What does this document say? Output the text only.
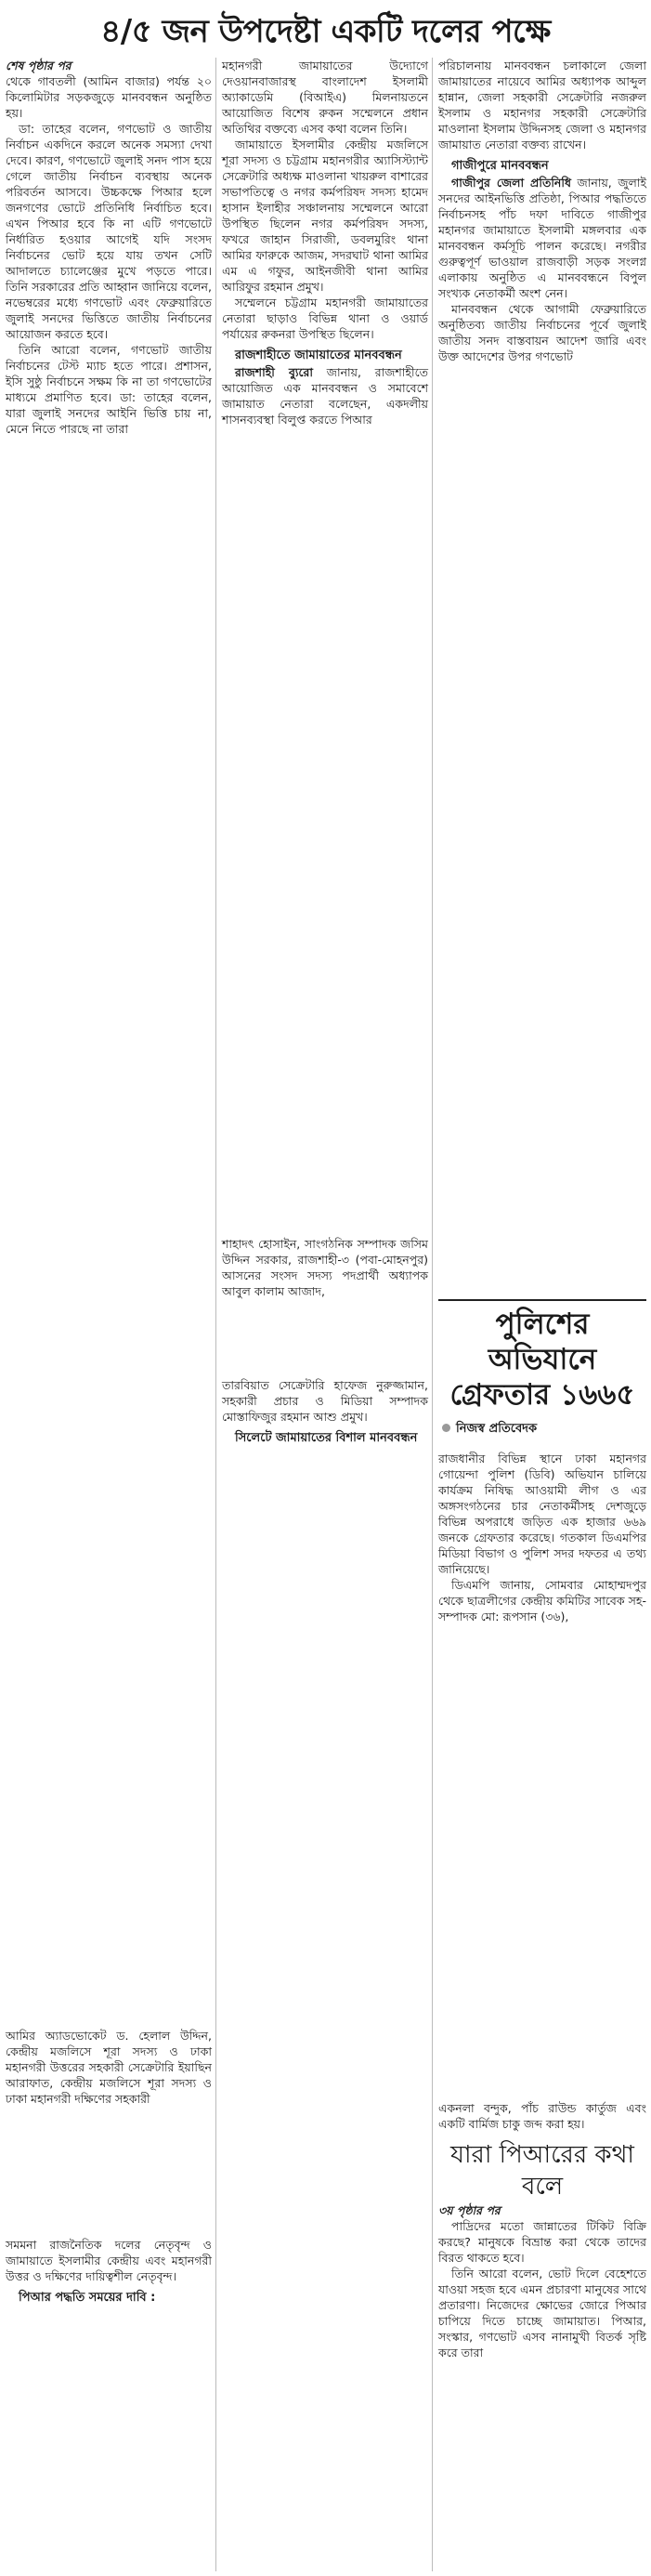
৪/৫ জন উপদেষ্টা একটি দলের পক্ষে
শেষ পৃষ্ঠার পর

থেকে গাবতলী (আমিন বাজার) পর্যন্ত ২০ কিলোমিটার সড়কজুড়ে মানববন্ধন অনুষ্ঠিত হয়।

ডা: তাহের বলেন, গণভোট ও জাতীয় নির্বাচন একদিনে করলে অনেক সমস্যা দেখা দেবে। কারণ, গণভোটে জুলাই সনদ পাস হয়ে গেলে জাতীয় নির্বাচন ব্যবস্থায় অনেক পরিবর্তন আসবে। উচ্চকক্ষে পিআর হলে জনগণের ভোটে প্রতিনিধি নির্বাচিত হবে। এখন পিআর হবে কি না এটি গণভোটে নির্ধারিত হওয়ার আগেই যদি সংসদ নির্বাচনের ভোট হয়ে যায় তখন সেটি আদালতে চ্যালেঞ্জের মুখে পড়তে পারে। তিনি সরকারের প্রতি আহ্বান জানিয়ে বলেন, নভেম্বরের মধ্যে গণভোট এবং ফেব্রুয়ারিতে জুলাই সনদের ভিত্তিতে জাতীয় নির্বাচনের আয়োজন করতে হবে।

তিনি আরো বলেন, গণভোট জাতীয় নির্বাচনের টেস্ট ম্যাচ হতে পারে। প্রশাসন, ইসি সুষ্ঠু নির্বাচনে সক্ষম কি না তা গণভোটের মাধ্যমে প্রমাণিত হবে। ডা: তাহের বলেন, যারা জুলাই সনদের আইনি ভিত্তি চায় না, মেনে নিতে পারছে না তারা

আমির অ্যাডভোকেট ড. হেলাল উদ্দিন, কেন্দ্রীয় মজলিসে শূরা সদস্য ও ঢাকা মহানগরী উত্তরের সহকারী সেক্রেটারি ইয়াছিন আরাফাত, কেন্দ্রীয় মজলিসে শূরা সদস্য ও ঢাকা মহানগরী দক্ষিণের সহকারী

সমমনা রাজনৈতিক দলের নেতৃবৃন্দ ও জামায়াতে ইসলামীর কেন্দ্রীয় এবং মহানগরী উত্তর ও দক্ষিণের দায়িত্বশীল নেতৃবৃন্দ।

পিআর পদ্ধতি সময়ের দাবি :

মহানগরী জামায়াতের উদ্যোগে দেওয়ানবাজারস্থ বাংলাদেশ ইসলামী অ্যাকাডেমি (বিআইএ) মিলনায়তনে আয়োজিত বিশেষ রুকন সম্মেলনে প্রধান অতিথির বক্তব্যে এসব কথা বলেন তিনি।

জামায়াতে ইসলামীর কেন্দ্রীয় মজলিসে শূরা সদস্য ও চট্টগ্রাম মহানগরীর অ্যাসিস্ট্যান্ট সেক্রেটারি অধ্যক্ষ মাওলানা খায়রুল বাশারের সভাপতিত্বে ও নগর কর্মপরিষদ সদস্য হামেদ হাসান ইলাহীর সঞ্চালনায় সম্মেলনে আরো উপস্থিত ছিলেন নগর কর্মপরিষদ সদস্য, ফখরে জাহান সিরাজী, ডবলমুরিং থানা আমির ফারুকে আজম, সদরঘাট থানা আমির এম এ গফুর, আইনজীবী থানা আমির আরিফুর রহমান প্রমুখ।

সম্মেলনে চট্টগ্রাম মহানগরী জামায়াতের নেতারা ছাড়াও বিভিন্ন থানা ও ওয়ার্ড পর্যায়ের রুকনরা উপস্থিত ছিলেন।

রাজশাহীতে জামায়াতের মানববন্ধন

রাজশাহী ব্যুরো জানায়, রাজশাহীতে আয়োজিত এক মানববন্ধন ও সমাবেশে জামায়াত নেতারা বলেছেন, একদলীয় শাসনব্যবস্থা বিলুপ্ত করতে পিআর

শাহাদৎ হোসাইন, সাংগঠনিক সম্পাদক জসিম উদ্দিন সরকার, রাজশাহী-৩ (পবা-মোহনপুর) আসনের সংসদ সদস্য পদপ্রার্থী অধ্যাপক আবুল কালাম আজাদ,

তারবিয়াত সেক্রেটারি হাফেজ নুরুজ্জামান, সহকারী প্রচার ও মিডিয়া সম্পাদক মোস্তাফিজুর রহমান আশু প্রমুখ।

সিলেটে জামায়াতের বিশাল মানববন্ধন

পরিচালনায় মানববন্ধন চলাকালে জেলা জামায়াতের নায়েবে আমির অধ্যাপক আব্দুল হান্নান, জেলা সহকারী সেক্রেটারি নজরুল ইসলাম ও মহানগর সহকারী সেক্রেটারি মাওলানা ইসলাম উদ্দিনসহ জেলা ও মহানগর জামায়াত নেতারা বক্তব্য রাখেন।

গাজীপুরে মানববন্ধন

গাজীপুর জেলা প্রতিনিধি জানায়, জুলাই সনদের আইনভিত্তি প্রতিষ্ঠা, পিআর পদ্ধতিতে নির্বাচনসহ পাঁচ দফা দাবিতে গাজীপুর মহানগর জামায়াতে ইসলামী মঙ্গলবার এক মানববন্ধন কর্মসূচি পালন করেছে। নগরীর গুরুত্বপূর্ণ ভাওয়াল রাজবাড়ী সড়ক সংলগ্ন এলাকায় অনুষ্ঠিত এ মানববন্ধনে বিপুল সংখ্যক নেতাকর্মী অংশ নেন।

মানববন্ধন থেকে আগামী ফেব্রুয়ারিতে অনুষ্ঠিতব্য জাতীয় নির্বাচনের পূর্বে জুলাই জাতীয় সনদ বাস্তবায়ন আদেশ জারি এবং উক্ত আদেশের উপর গণভোট

পুলিশের অভিযানে
গ্রেফতার ১৬৬৫
নিজস্ব প্রতিবেদক

রাজধানীর বিভিন্ন স্থানে ঢাকা মহানগর গোয়েন্দা পুলিশ (ডিবি) অভিযান চালিয়ে কার্যক্রম নিষিদ্ধ আওয়ামী লীগ ও এর অঙ্গসংগঠনের চার নেতাকর্মীসহ দেশজুড়ে বিভিন্ন অপরাধে জড়িত এক হাজার ৬৬৯ জনকে গ্রেফতার করেছে। গতকাল ডিএমপির মিডিয়া বিভাগ ও পুলিশ সদর দফতর এ তথ্য জানিয়েছে।

ডিএমপি জানায়, সোমবার মোহাম্মদপুর থেকে ছাত্রলীগের কেন্দ্রীয় কমিটির সাবেক সহ-সম্পাদক মো: রূপসান (৩৬),

একনলা বন্দুক, পাঁচ রাউন্ড কার্তুজ এবং একটি বার্মিজ চাকু জব্দ করা হয়।

যারা পিআরের কথা বলে
৩য় পৃষ্ঠার পর

পাদ্রিদের মতো জান্নাতের টিকিট বিক্রি করছে? মানুষকে বিভ্রান্ত করা থেকে তাদের বিরত থাকতে হবে।

তিনি আরো বলেন, ভোট দিলে বেহেশতে যাওয়া সহজ হবে এমন প্রচারণা মানুষের সাথে প্রতারণা। নিজেদের ক্ষোভের জোরে পিআর চাপিয়ে দিতে চাচ্ছে জামায়াত। পিআর, সংস্কার, গণভোট এসব নানামুখী বিতর্ক সৃষ্টি করে তারা
